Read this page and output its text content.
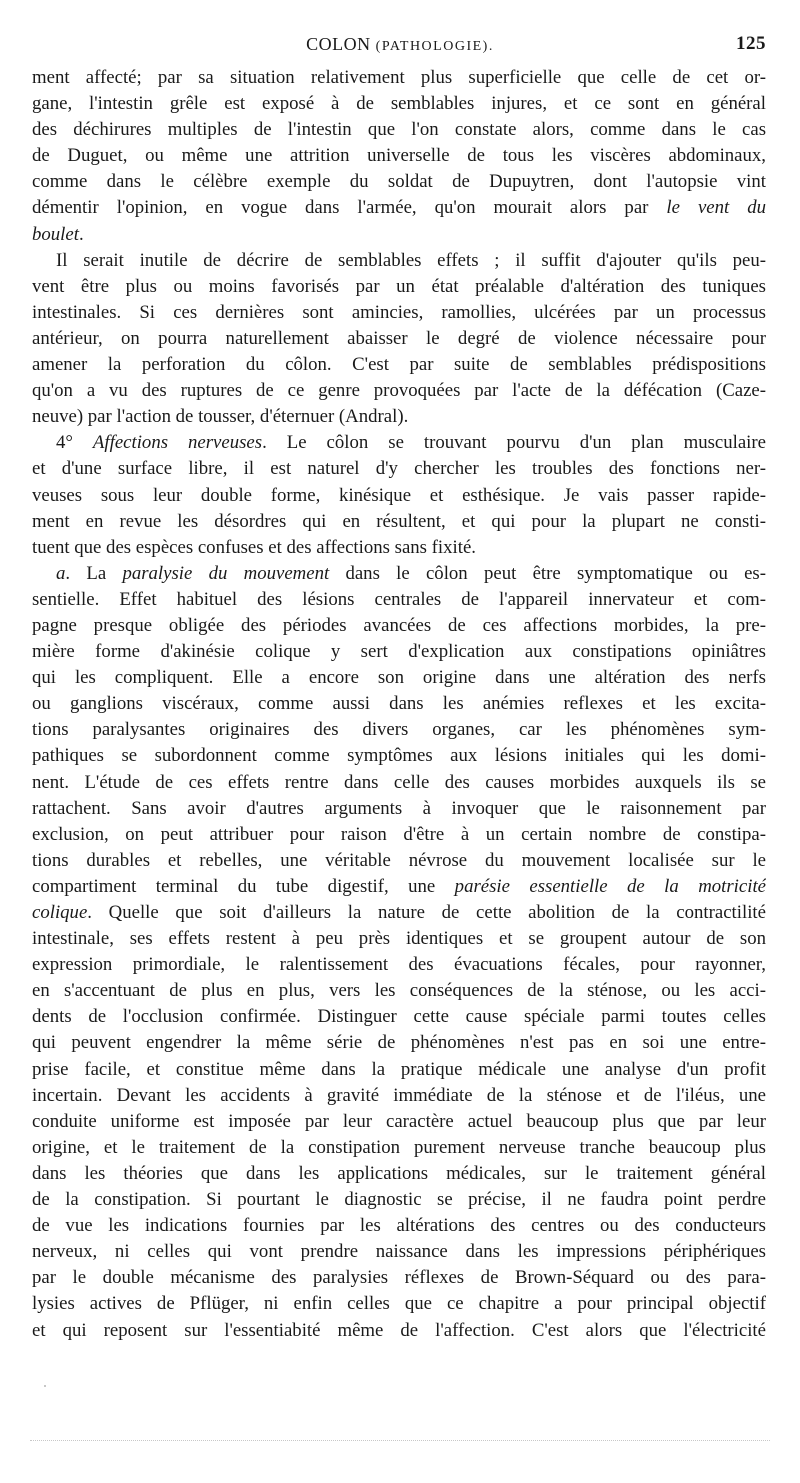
COLON (PATHOLOGIE).	125
ment affecté; par sa situation relativement plus superficielle que celle de cet or-
gane, l'intestin grêle est exposé à de semblables injures, et ce sont en général
des déchirures multiples de l'intestin que l'on constate alors, comme dans le cas
de Duguet, ou même une attrition universelle de tous les viscères abdominaux,
comme dans le célèbre exemple du soldat de Dupuytren, dont l'autopsie vint
démentir l'opinion, en vogue dans l'armée, qu'on mourait alors par le vent du
boulet.
Il serait inutile de décrire de semblables effets ; il suffit d'ajouter qu'ils peu-
vent être plus ou moins favorisés par un état préalable d'altération des tuniques
intestinales. Si ces dernières sont amincies, ramollies, ulcérées par un processus
antérieur, on pourra naturellement abaisser le degré de violence nécessaire pour
amener la perforation du côlon. C'est par suite de semblables prédispositions
qu'on a vu des ruptures de ce genre provoquées par l'acte de la défécation (Caze-
neuve) par l'action de tousser, d'éternuer (Andral).
4° Affections nerveuses. Le côlon se trouvant pourvu d'un plan musculaire
et d'une surface libre, il est naturel d'y chercher les troubles des fonctions ner-
veuses sous leur double forme, kinésique et esthésique. Je vais passer rapide-
ment en revue les désordres qui en résultent, et qui pour la plupart ne consti-
tuent que des espèces confuses et des affections sans fixité.
a. La paralysie du mouvement dans le côlon peut être symptomatique ou es-
sentielle. Effet habituel des lésions centrales de l'appareil innervateur et com-
pagne presque obligée des périodes avancées de ces affections morbides, la pre-
mière forme d'akinésie colique y sert d'explication aux constipations opiniâtres
qui les compliquent. Elle a encore son origine dans une altération des nerfs
ou ganglions viscéraux, comme aussi dans les anémies reflexes et les excita-
tions paralysantes originaires des divers organes, car les phénomènes sym-
pathiques se subordonnent comme symptômes aux lésions initiales qui les domi-
nent. L'étude de ces effets rentre dans celle des causes morbides auxquels ils se
rattachent. Sans avoir d'autres arguments à invoquer que le raisonnement par
exclusion, on peut attribuer pour raison d'être à un certain nombre de constipa-
tions durables et rebelles, une véritable névrose du mouvement localisée sur le
compartiment terminal du tube digestif, une parésie essentielle de la motricité
colique. Quelle que soit d'ailleurs la nature de cette abolition de la contractilité
intestinale, ses effets restent à peu près identiques et se groupent autour de son
expression primordiale, le ralentissement des évacuations fécales, pour rayonner,
en s'accentuant de plus en plus, vers les conséquences de la sténose, ou les acci-
dents de l'occlusion confirmée. Distinguer cette cause spéciale parmi toutes celles
qui peuvent engendrer la même série de phénomènes n'est pas en soi une entre-
prise facile, et constitue même dans la pratique médicale une analyse d'un profit
incertain. Devant les accidents à gravité immédiate de la sténose et de l'iléus, une
conduite uniforme est imposée par leur caractère actuel beaucoup plus que par leur
origine, et le traitement de la constipation purement nerveuse tranche beaucoup plus
dans les théories que dans les applications médicales, sur le traitement général
de la constipation. Si pourtant le diagnostic se précise, il ne faudra point perdre
de vue les indications fournies par les altérations des centres ou des conducteurs
nerveux, ni celles qui vont prendre naissance dans les impressions périphériques
par le double mécanisme des paralysies réflexes de Brown-Séquard ou des para-
lysies actives de Pflüger, ni enfin celles que ce chapitre a pour principal objectif
et qui reposent sur l'essentiabité même de l'affection. C'est alors que l'électricité
